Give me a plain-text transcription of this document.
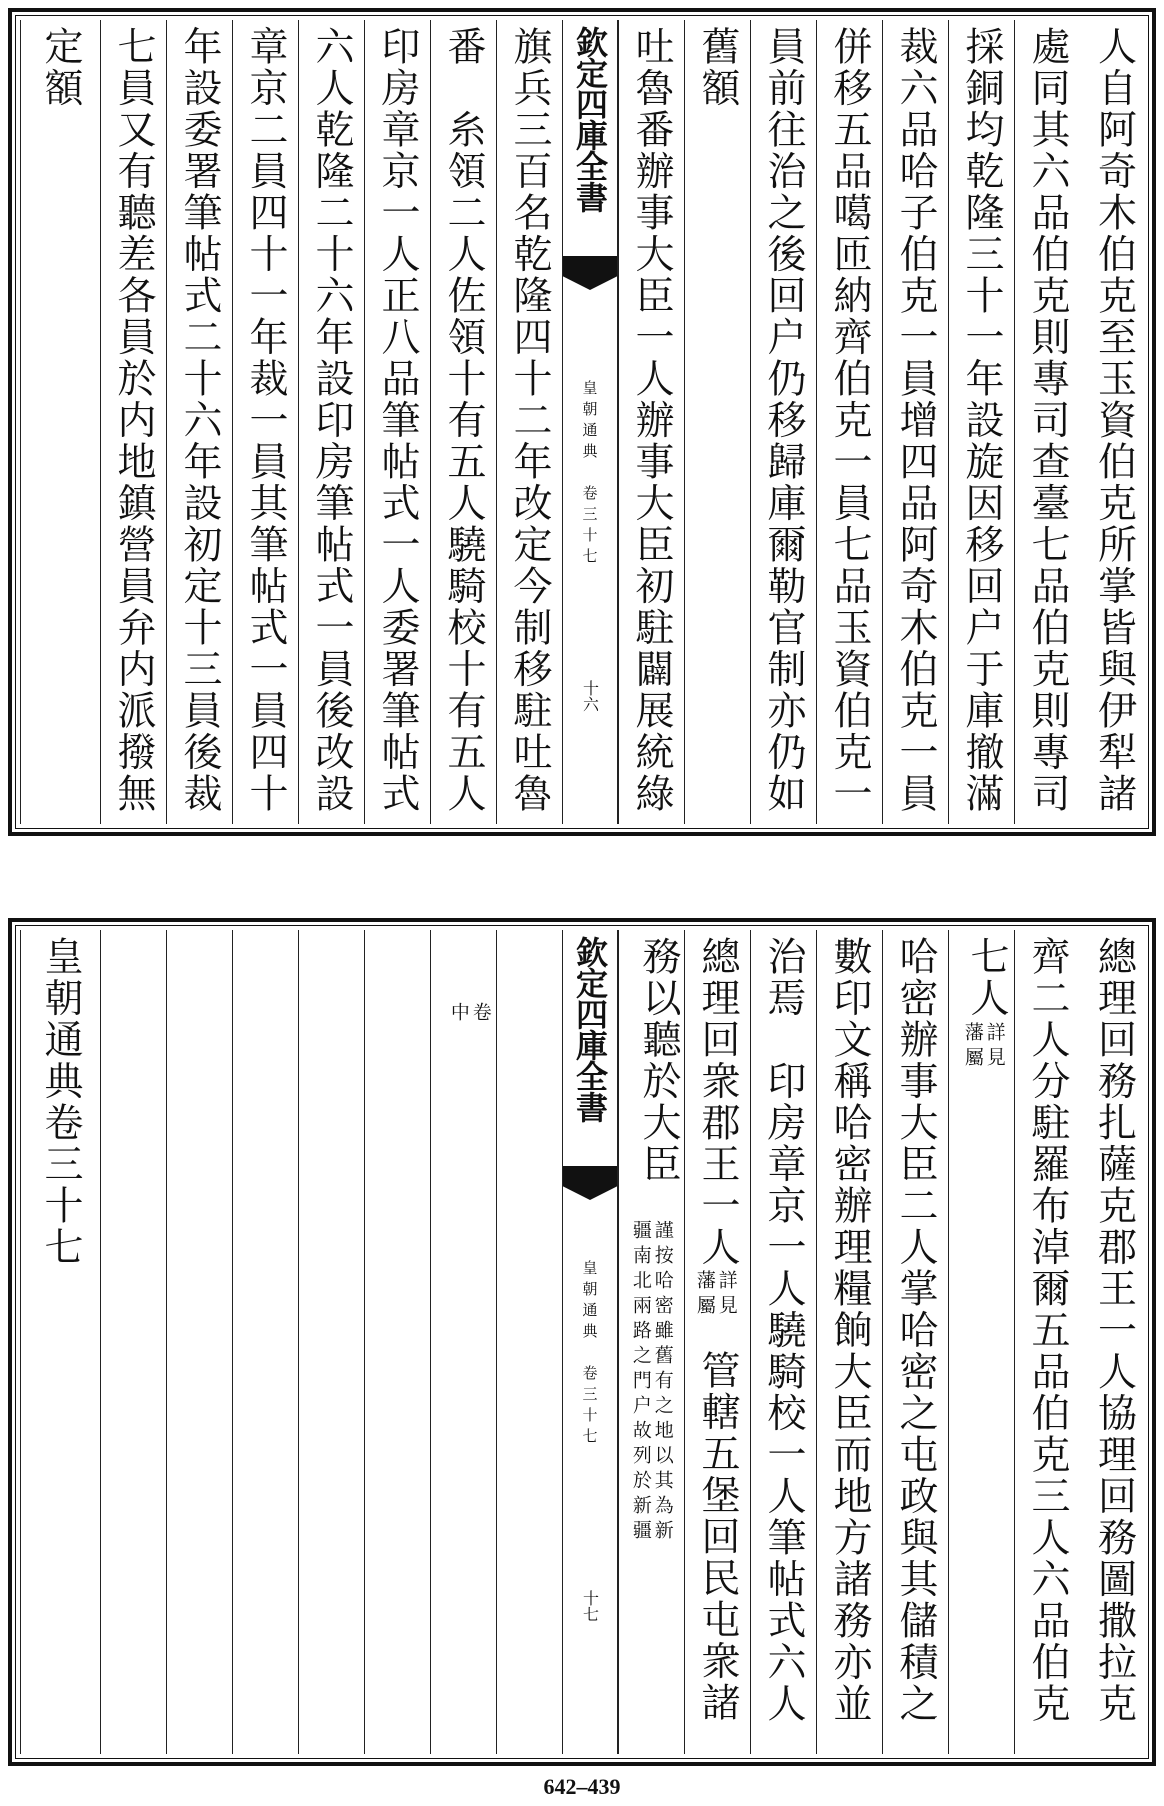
人自阿奇木伯克至玉資伯克所掌皆與伊犁諸
處同其六品伯克則專司查臺七品伯克則專司
採銅均乾隆三十一年設旋因移回户于庫撤滿
裁六品哈子伯克一員增四品阿奇木伯克一員
併移五品噶匝納齊伯克一員七品玉資伯克一
員前往治之後回户仍移歸庫爾勒官制亦仍如
舊額
吐魯番辦事大臣一人辦事大臣初駐闢展統綠
欽定四庫全書
皇朝通典　卷三十七
十六
旗兵三百名乾隆四十二年改定今制移駐吐魯
番　糸領二人佐領十有五人驍騎校十有五人
印房章京一人正八品筆帖式一人委署筆帖式
六人乾隆二十六年設印房筆帖式一員後改設
章京二員四十一年裁一員其筆帖式一員四十
年設委署筆帖式二十六年設初定十三員後裁
七員又有聽差各員於内地鎮營員弁内派撥無
定額
總理回務扎薩克郡王一人協理回務圖撒拉克
齊二人分駐羅布淖爾五品伯克三人六品伯克
七人
詳見
藩屬
哈密辦事大臣二人掌哈密之屯政與其儲積之
數印文稱哈密辦理糧餉大臣而地方諸務亦並
治焉　印房章京一人驍騎校一人筆帖式六人
總理回衆郡王一人
詳見
藩屬
管轄五堡回民屯衆諸
務以聽於大臣
謹按哈密雖舊有之地以其為新
疆南北兩路之門户故列於新疆
欽定四庫全書
皇朝通典　卷三十七
十七
卷
中
皇朝通典卷三十七
642–439
